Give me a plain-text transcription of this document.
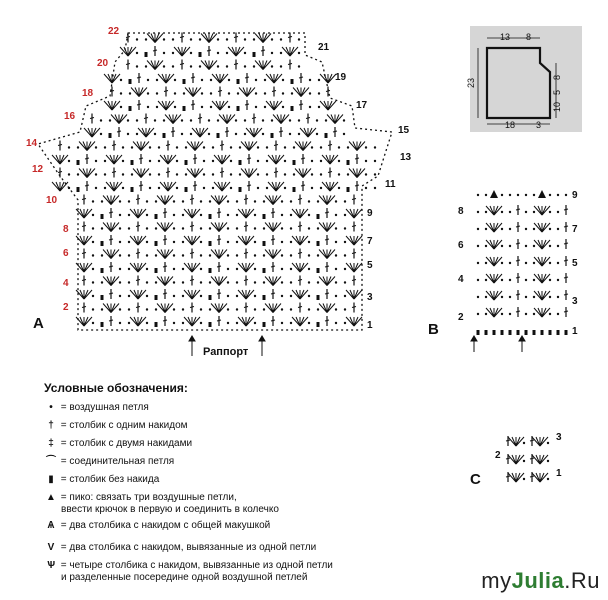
22
20
18
16
14
12
10
8
6
4
2
21
19
17
15
13
11
9
7
5
3
1
A
Раппорт
13 8
23
10
5
8
18 3
8
6
4
2
9
7
5
3
1
B
2
3
1
C
Условные обозначения:
• = воздушная петля
† = столбик с одним накидом
‡ = столбик с двумя накидами
⌒ = соединительная петля
▮ = столбик без накида
▲ = пико: связать три воздушные петли,
ввести крючок в первую и соединить в колечко
Ѧ = два столбика с накидом с общей макушкой
V = два столбика с накидом, вывязанные из одной петли
Ѱ = четыре столбика с накидом, вывязанные из одной петли
и разделенные посередине одной воздушной петлей	myJulia.Ru
